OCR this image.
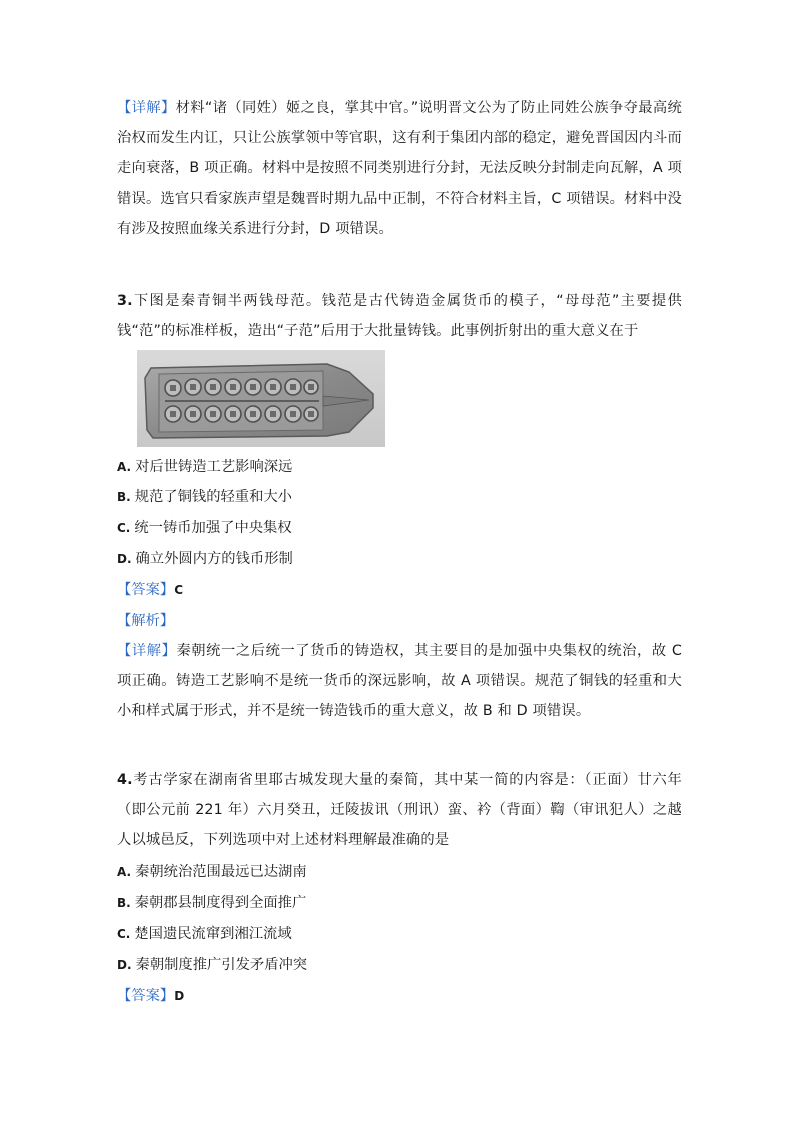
【详解】材料“诸（同姓）姬之良，掌其中官。”说明晋文公为了防止同姓公族争夺最高统治权而发生内讧，只让公族掌领中等官职，这有利于集团内部的稳定，避免晋国因内斗而走向衰落，B 项正确。材料中是按照不同类别进行分封，无法反映分封制走向瓦解，A 项错误。选官只看家族声望是魏晋时期九品中正制，不符合材料主旨，C 项错误。材料中没有涉及按照血缘关系进行分封，D 项错误。

3.下图是秦青铜半两钱母范。钱范是古代铸造金属货币的模子，“母母范”主要提供钱“范”的标准样板，造出“子范”后用于大批量铸钱。此事例折射出的重大意义在于

A. 对后世铸造工艺影响深远
B. 规范了铜钱的轻重和大小
C. 统一铸币加强了中央集权
D. 确立外圆内方的钱币形制
【答案】C
【解析】

【详解】秦朝统一之后统一了货币的铸造权，其主要目的是加强中央集权的统治，故 C 项正确。铸造工艺影响不是统一货币的深远影响，故 A 项错误。规范了铜钱的轻重和大小和样式属于形式，并不是统一铸造钱币的重大意义，故 B 和 D 项错误。

4.考古学家在湖南省里耶古城发现大量的秦简，其中某一简的内容是：（正面）廿六年（即公元前 221 年）六月癸丑，迁陵拔讯（刑讯）蛮、衿（背面）鞫（审讯犯人）之越人以城邑反，下列选项中对上述材料理解最准确的是

A. 秦朝统治范围最远已达湖南
B. 秦朝郡县制度得到全面推广
C. 楚国遗民流窜到湘江流域
D. 秦朝制度推广引发矛盾冲突
【答案】D
